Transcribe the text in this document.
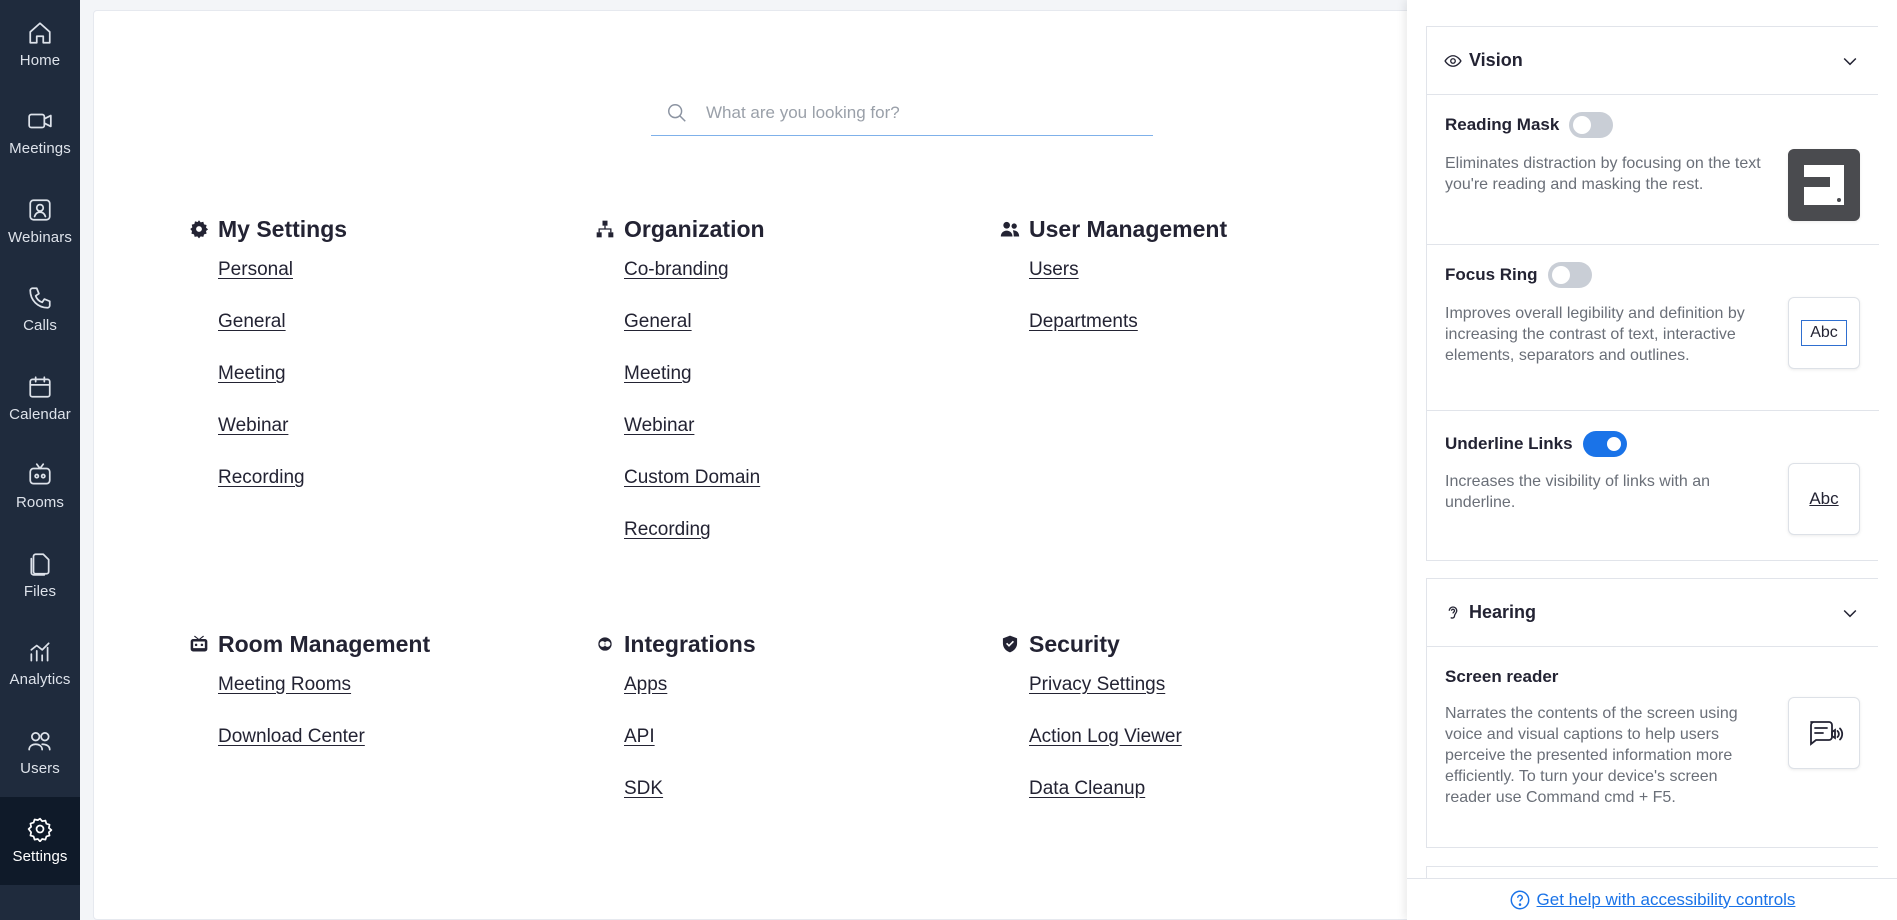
Home
Meetings
Webinars
Calls
Calendar
Rooms
Files
Analytics
Users
Settings
What are you looking for?
My Settings
Personal
General
Meeting
Webinar
Recording
Organization
Co-branding
General
Meeting
Webinar
Custom Domain
Recording
User Management
Users
Departments
Room Management
Meeting Rooms
Download Center
Integrations
Apps
API
SDK
Security
Privacy Settings
Action Log Viewer
Data Cleanup
Vision
Reading Mask
Eliminates distraction by focusing on the text you're reading and masking the rest.
Focus Ring
Improves overall legibility and definition by increasing the contrast of text, interactive elements, separators and outlines.
Abc
Underline Links
Increases the visibility of links with an underline.	Abc
Hearing
Screen reader
Narrates the contents of the screen using voice and visual captions to help users perceive the presented information more efficiently. To turn your device's screen reader use Command cmd + F5.
Get help with accessibility controls
